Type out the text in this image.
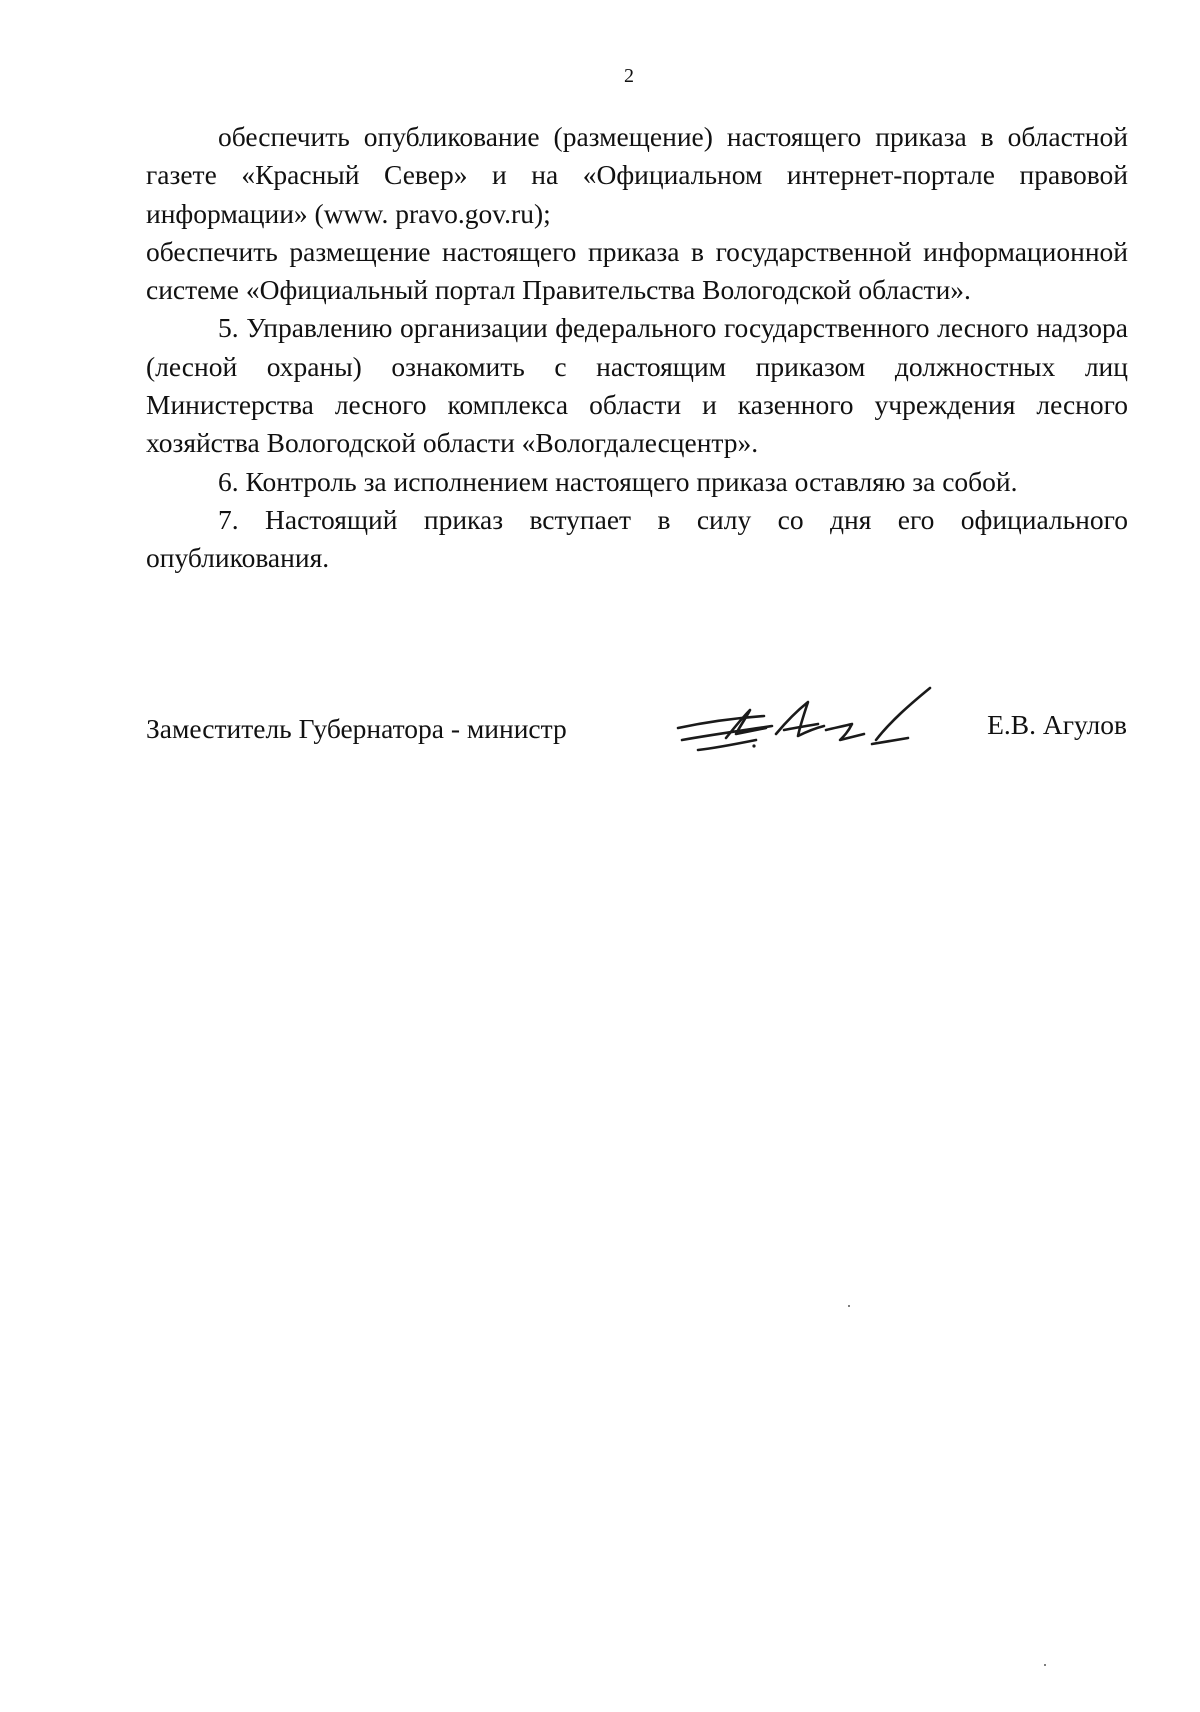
2

обеспечить опубликование (размещение) настоящего приказа в областной газете «Красный Север» и на «Официальном интернет-портале правовой информации» (www. pravo.gov.ru);

обеспечить размещение настоящего приказа в государственной информационной системе «Официальный портал Правительства Вологодской области».

5. Управлению организации федерального государственного лесного надзора (лесной охраны) ознакомить с настоящим приказом должностных лиц Министерства лесного комплекса области и казенного учреждения лесного хозяйства Вологодской области «Вологдалесцентр».

6. Контроль за исполнением настоящего приказа оставляю за собой.

7. Настоящий приказ вступает в силу со дня его официального опубликования.

Заместитель Губернатора - министр	Е.В. Агулов
